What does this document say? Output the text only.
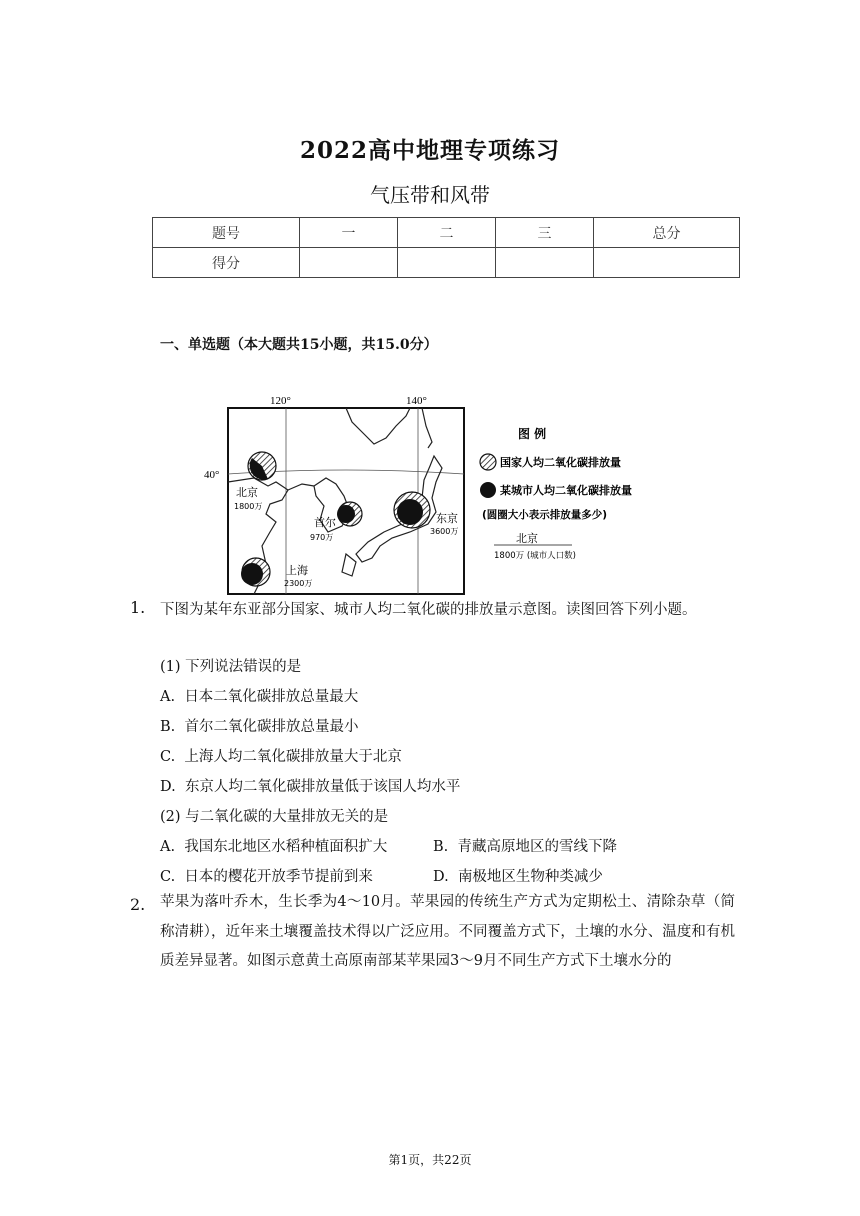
2022高中地理专项练习
气压带和风带
题号	一	二	三	总分
得分				
一、单选题（本大题共15小题，共15.0分）
120°	140°
40°
北京
1800万
首尔
970万
东京
3600万
上海
2300万
图 例
国家人均二氧化碳排放量
某城市人均二氧化碳排放量
(圆圈大小表示排放量多少)
北京
1800万 (城市人口数)
1. 下图为某年东亚部分国家、城市人均二氧化碳的排放量示意图。读图回答下列小题。
(1) 下列说法错误的是
A. 日本二氧化碳排放总量最大
B. 首尔二氧化碳排放总量最小
C. 上海人均二氧化碳排放量大于北京
D. 东京人均二氧化碳排放量低于该国人均水平
(2) 与二氧化碳的大量排放无关的是
A. 我国东北地区水稻种植面积扩大	B. 青藏高原地区的雪线下降
C. 日本的樱花开放季节提前到来	D. 南极地区生物种类减少
2. 苹果为落叶乔木，生长季为4～10月。苹果园的传统生产方式为定期松土、清除杂草（简称清耕），近年来土壤覆盖技术得以广泛应用。不同覆盖方式下，土壤的水分、温度和有机质差异显著。如图示意黄土高原南部某苹果园3～9月不同生产方式下土壤水分的
第1页，共22页
